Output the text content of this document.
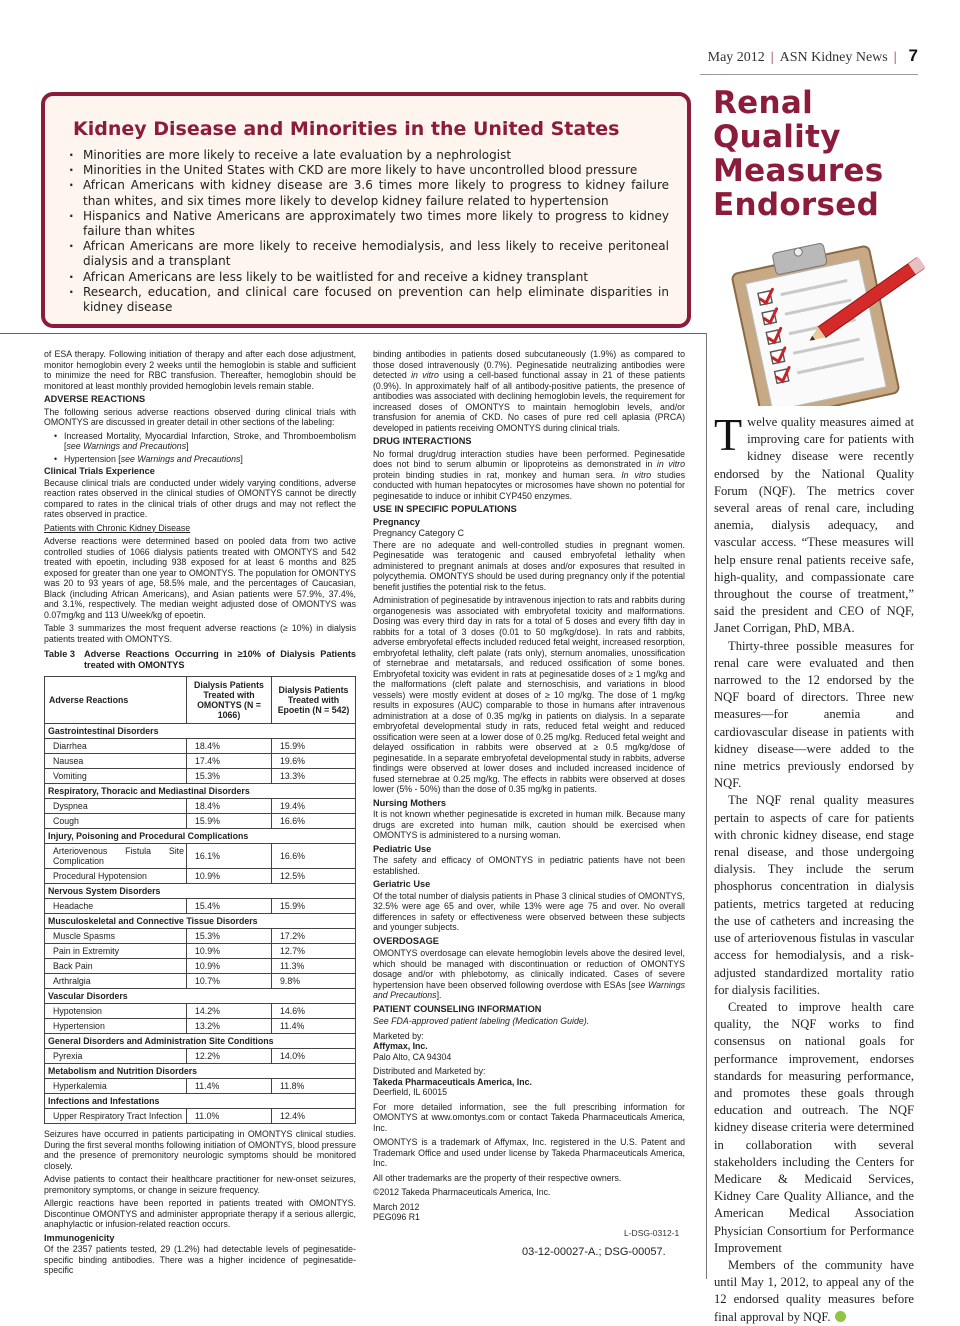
May 2012 | ASN Kidney News | 7
Kidney Disease and Minorities in the United States
· Minorities are more likely to receive a late evaluation by a nephrologist
· Minorities in the United States with CKD are more likely to have uncontrolled blood pressure
· African Americans with kidney disease are 3.6 times more likely to progress to kidney failure than whites, and six times more likely to develop kidney failure related to hypertension
· Hispanics and Native Americans are approximately two times more likely to progress to kidney failure than whites
· African Americans are more likely to receive hemodialysis, and less likely to receive peritoneal dialysis and a transplant
· African Americans are less likely to be waitlisted for and receive a kidney transplant
· Research, education, and clinical care focused on prevention can help eliminate disparities in kidney disease

of ESA therapy. Following initiation of therapy and after each dose adjustment, monitor hemoglobin every 2 weeks until the hemoglobin is stable and sufficient to minimize the need for RBC transfusion. Thereafter, hemoglobin should be monitored at least monthly provided hemoglobin levels remain stable.

ADVERSE REACTIONS

The following serious adverse reactions observed during clinical trials with OMONTYS are discussed in greater detail in other sections of the labeling:

• Increased Mortality, Myocardial Infarction, Stroke, and Thromboembolism [see Warnings and Precautions]
• Hypertension [see Warnings and Precautions]
Clinical Trials Experience

Because clinical trials are conducted under widely varying conditions, adverse reaction rates observed in the clinical studies of OMONTYS cannot be directly compared to rates in the clinical trials of other drugs and may not reflect the rates observed in practice.

Patients with Chronic Kidney Disease

Adverse reactions were determined based on pooled data from two active controlled studies of 1066 dialysis patients treated with OMONTYS and 542 treated with epoetin, including 938 exposed for at least 6 months and 825 exposed for greater than one year to OMONTYS. The population for OMONTYS was 20 to 93 years of age, 58.5% male, and the percentages of Caucasian, Black (including African Americans), and Asian patients were 57.9%, 37.4%, and 3.1%, respectively. The median weight adjusted dose of OMONTYS was 0.07mg/kg and 113 U/week/kg of epoetin.

Table 3 summarizes the most frequent adverse reactions (≥ 10%) in dialysis patients treated with OMONTYS.

Table 3 Adverse Reactions Occurring in ≥10% of Dialysis Patients treated with OMONTYS
Adverse Reactions	Dialysis Patients Treated with OMONTYS (N = 1066)	Dialysis Patients Treated with Epoetin (N = 542)
Gastrointestinal Disorders		
Diarrhea	18.4%	15.9%
Nausea	17.4%	19.6%
Vomiting	15.3%	13.3%
Respiratory, Thoracic and Mediastinal Disorders		
Dyspnea	18.4%	19.4%
Cough	15.9%	16.6%
Injury, Poisoning and Procedural Complications		
Arteriovenous Fistula Site Complication	16.1%	16.6%
Procedural Hypotension	10.9%	12.5%
Nervous System Disorders		
Headache	15.4%	15.9%
Musculoskeletal and Connective Tissue Disorders		
Muscle Spasms	15.3%	17.2%
Pain in Extremity	10.9%	12.7%
Back Pain	10.9%	11.3%
Arthralgia	10.7%	9.8%
Vascular Disorders		
Hypotension	14.2%	14.6%
Hypertension	13.2%	11.4%
General Disorders and Administration Site Conditions		
Pyrexia	12.2%	14.0%
Metabolism and Nutrition Disorders		
Hyperkalemia	11.4%	11.8%
Infections and Infestations		
Upper Respiratory Tract Infection	11.0%	12.4%

Seizures have occurred in patients participating in OMONTYS clinical studies. During the first several months following initiation of OMONTYS, blood pressure and the presence of premonitory neurologic symptoms should be monitored closely.

Advise patients to contact their healthcare practitioner for new-onset seizures, premonitory symptoms, or change in seizure frequency.

Allergic reactions have been reported in patients treated with OMONTYS. Discontinue OMONTYS and administer appropriate therapy if a serious allergic, anaphylactic or infusion-related reaction occurs.

Immunogenicity

Of the 2357 patients tested, 29 (1.2%) had detectable levels of peginesatide-specific binding antibodies. There was a higher incidence of peginesatide-specific

binding antibodies in patients dosed subcutaneously (1.9%) as compared to those dosed intravenously (0.7%). Peginesatide neutralizing antibodies were detected in vitro using a cell-based functional assay in 21 of these patients (0.9%). In approximately half of all antibody-positive patients, the presence of antibodies was associated with declining hemoglobin levels, the requirement for increased doses of OMONTYS to maintain hemoglobin levels, and/or transfusion for anemia of CKD. No cases of pure red cell aplasia (PRCA) developed in patients receiving OMONTYS during clinical trials.

DRUG INTERACTIONS

No formal drug/drug interaction studies have been performed. Peginesatide does not bind to serum albumin or lipoproteins as demonstrated in in vitro protein binding studies in rat, monkey and human sera. In vitro studies conducted with human hepatocytes or microsomes have shown no potential for peginesatide to induce or inhibit CYP450 enzymes.

USE IN SPECIFIC POPULATIONS
Pregnancy

Pregnancy Category C

There are no adequate and well-controlled studies in pregnant women. Peginesatide was teratogenic and caused embryofetal lethality when administered to pregnant animals at doses and/or exposures that resulted in polycythemia. OMONTYS should be used during pregnancy only if the potential benefit justifies the potential risk to the fetus.

Administration of peginesatide by intravenous injection to rats and rabbits during organogenesis was associated with embryofetal toxicity and malformations. Dosing was every third day in rats for a total of 5 doses and every fifth day in rabbits for a total of 3 doses (0.01 to 50 mg/kg/dose). In rats and rabbits, adverse embryofetal effects included reduced fetal weight, increased resorption, embryofetal lethality, cleft palate (rats only), sternum anomalies, unossification of sternebrae and metatarsals, and reduced ossification of some bones. Embryofetal toxicity was evident in rats at peginesatide doses of ≥ 1 mg/kg and the malformations (cleft palate and sternoschisis, and variations in blood vessels) were mostly evident at doses of ≥ 10 mg/kg. The dose of 1 mg/kg results in exposures (AUC) comparable to those in humans after intravenous administration at a dose of 0.35 mg/kg in patients on dialysis. In a separate embryofetal developmental study in rats, reduced fetal weight and reduced ossification were seen at a lower dose of 0.25 mg/kg. Reduced fetal weight and delayed ossification in rabbits were observed at ≥ 0.5 mg/kg/dose of peginesatide. In a separate embryofetal developmental study in rabbits, adverse findings were observed at lower doses and included increased incidence of fused sternebrae at 0.25 mg/kg. The effects in rabbits were observed at doses lower (5% - 50%) than the dose of 0.35 mg/kg in patients.

Nursing Mothers

It is not known whether peginesatide is excreted in human milk. Because many drugs are excreted into human milk, caution should be exercised when OMONTYS is administered to a nursing woman.

Pediatric Use

The safety and efficacy of OMONTYS in pediatric patients have not been established.

Geriatric Use

Of the total number of dialysis patients in Phase 3 clinical studies of OMONTYS, 32.5% were age 65 and over, while 13% were age 75 and over. No overall differences in safety or effectiveness were observed between these subjects and younger subjects.

OVERDOSAGE

OMONTYS overdosage can elevate hemoglobin levels above the desired level, which should be managed with discontinuation or reduction of OMONTYS dosage and/or with phlebotomy, as clinically indicated. Cases of severe hypertension have been observed following overdose with ESAs [see Warnings and Precautions].

PATIENT COUNSELING INFORMATION

See FDA-approved patient labeling (Medication Guide).

Marketed by:

Affymax, Inc.

Palo Alto, CA 94304

Distributed and Marketed by:

Takeda Pharmaceuticals America, Inc.

Deerfield, IL 60015

For more detailed information, see the full prescribing information for OMONTYS at www.omontys.com or contact Takeda Pharmaceuticals America, Inc.

OMONTYS is a trademark of Affymax, Inc. registered in the U.S. Patent and Trademark Office and used under license by Takeda Pharmaceuticals America, Inc.

All other trademarks are the property of their respective owners.

©2012 Takeda Pharmaceuticals America, Inc.

March 2012

PEG096 R1

L-DSG-0312-1
03-12-00027-A.; DSG-00057.
Renal
Quality
Measures
Endorsed

Twelve quality measures aimed at improving care for patients with kidney disease were recently endorsed by the National Quality Forum (NQF). The metrics cover several areas of renal care, including anemia, dialysis adequacy, and vascular access. “These measures will help ensure renal patients receive safe, high-quality, and compassionate care throughout the course of treatment,” said the president and CEO of NQF, Janet Corrigan, PhD, MBA.

Thirty-three possible measures for renal care were evaluated and then narrowed to the 12 endorsed by the NQF board of directors. Three new measures—for anemia and cardiovascular disease in patients with kidney disease—were added to the nine metrics previously endorsed by NQF.

The NQF renal quality measures pertain to aspects of care for patients with chronic kidney disease, end stage renal disease, and those undergoing dialysis. They include the serum phosphorus concentration in dialysis patients, metrics targeted at reducing the use of catheters and increasing the use of arteriovenous fistulas in vascular access for hemodialysis, and a risk-adjusted standardized mortality ratio for dialysis facilities.

Created to improve health care quality, the NQF works to find consensus on national goals for performance improvement, endorses standards for measuring performance, and promotes these goals through education and outreach. The NQF kidney disease criteria were determined in collaboration with several stakeholders including the Centers for Medicare & Medicaid Services, Kidney Care Quality Alliance, and the American Medical Association Physician Consortium for Performance Improvement

Members of the community have until May 1, 2012, to appeal any of the 12 endorsed quality measures before final approval by NQF.
